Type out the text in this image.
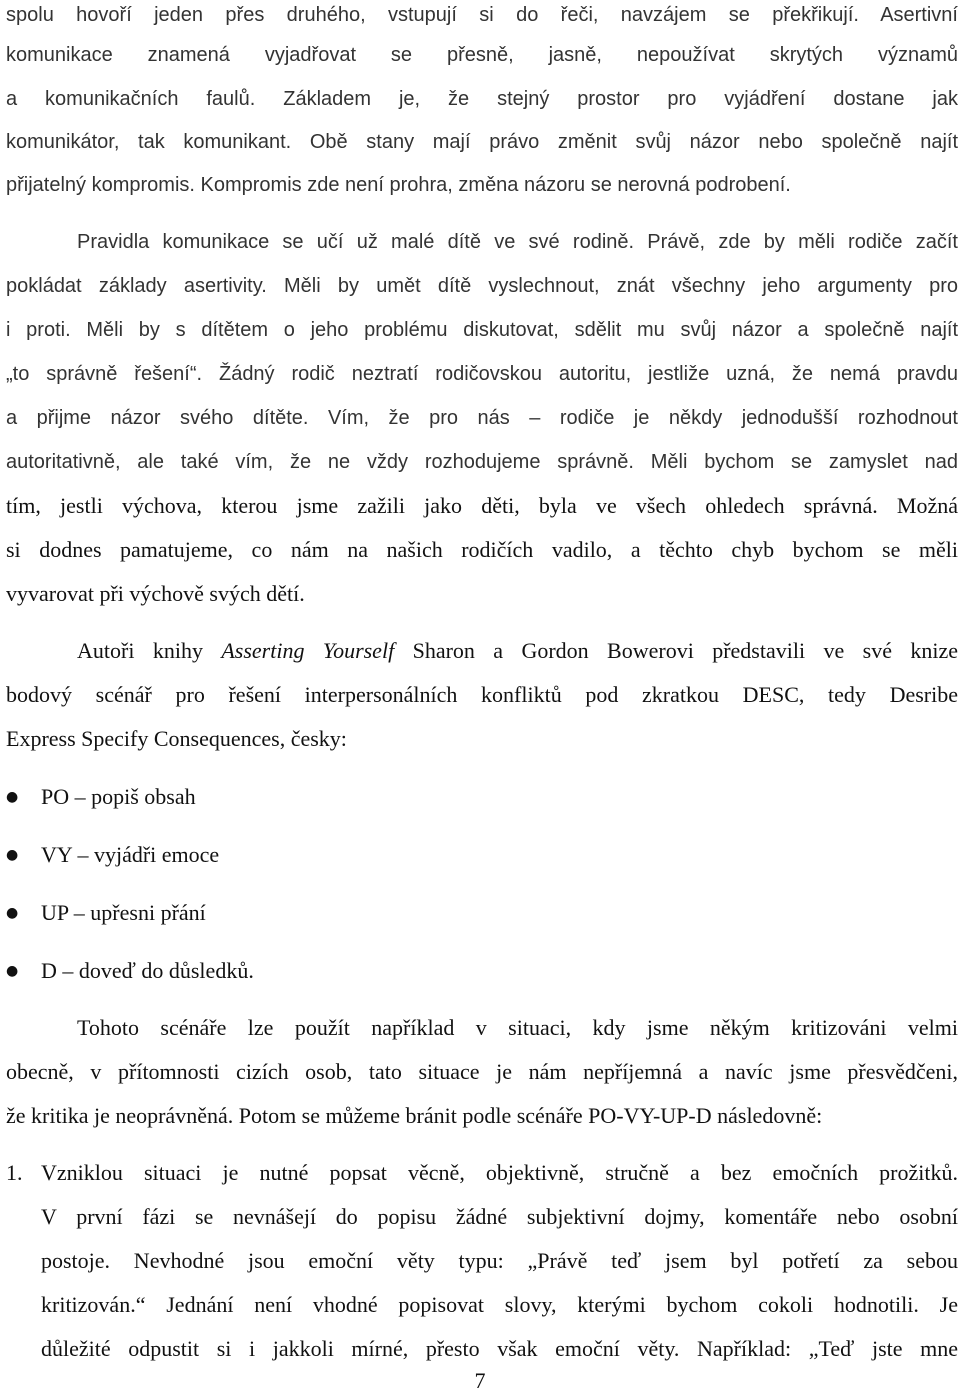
spolu hovoří jeden přes druhého, vstupují si do řeči, navzájem se překřikují. Asertivní
komunikace znamená vyjadřovat se přesně, jasně, nepoužívat skrytých významů
a komunikačních faulů. Základem je, že stejný prostor pro vyjádření dostane jak
komunikátor, tak komunikant. Obě stany mají právo změnit svůj názor nebo společně najít
přijatelný kompromis. Kompromis zde není prohra, změna názoru se nerovná podrobení.
Pravidla komunikace se učí už malé dítě ve své rodině. Právě, zde by měli rodiče začít
pokládat základy asertivity. Měli by umět dítě vyslechnout, znát všechny jeho argumenty pro
i proti. Měli by s dítětem o jeho problému diskutovat, sdělit mu svůj názor a společně najít
„to správně řešení“. Žádný rodič neztratí rodičovskou autoritu, jestliže uzná, že nemá pravdu
a přijme názor svého dítěte. Vím, že pro nás – rodiče je někdy jednodušší rozhodnout
autoritativně, ale také vím, že ne vždy rozhodujeme správně. Měli bychom se zamyslet nad
tím, jestli výchova, kterou jsme zažili jako děti, byla ve všech ohledech správná. Možná
si dodnes pamatujeme, co nám na našich rodičích vadilo, a těchto chyb bychom se měli
vyvarovat při výchově svých dětí.
Autoři knihy Asserting Yourself Sharon a Gordon Bowerovi představili ve své knize
bodový scénář pro řešení interpersonálních konfliktů pod zkratkou DESC, tedy Desribe
Express Specify Consequences, česky:
●	PO – popiš obsah
●	VY – vyjádři emoce
●	UP – upřesni přání
●	D – doveď do důsledků.
Tohoto scénáře lze použít například v situaci, kdy jsme někým kritizováni velmi
obecně, v přítomnosti cizích osob, tato situace je nám nepříjemná a navíc jsme přesvědčeni,
že kritika je neoprávněná. Potom se můžeme bránit podle scénáře PO-VY-UP-D následovně:
1. Vzniklou situaci je nutné popsat věcně, objektivně, stručně a bez emočních prožitků.
V první fázi se nevnášejí do popisu žádné subjektivní dojmy, komentáře nebo osobní
postoje. Nevhodné jsou emoční věty typu: „Právě teď jsem byl potřetí za sebou
kritizován.“ Jednání není vhodné popisovat slovy, kterými bychom cokoli hodnotili. Je
důležité odpustit si i jakkoli mírné, přesto však emoční věty. Například: „Teď jste mne
7
